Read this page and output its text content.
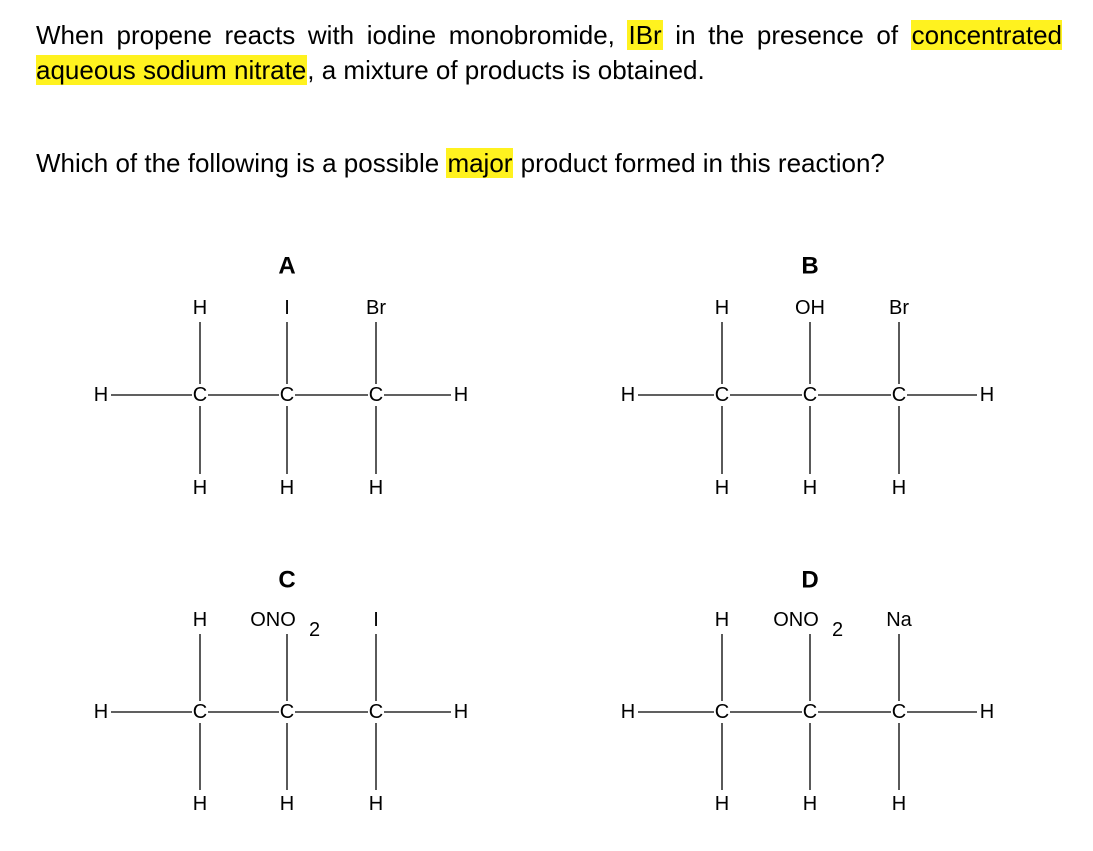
When propene reacts with iodine monobromide, IBr in the presence of concentrated aqueous sodium nitrate, a mixture of products is obtained.

Which of the following is a possible major product formed in this reaction?

A
H	H
C
H
H
C
H
I
C
H
Br
B
H	H
C
H
H
C
H
OH
C
H
Br
C
H	H
C
H
H
C
H
ONO 2
C
H
I
D
H	H
C
H
H
C
H
ONO 2
C
H
Na
